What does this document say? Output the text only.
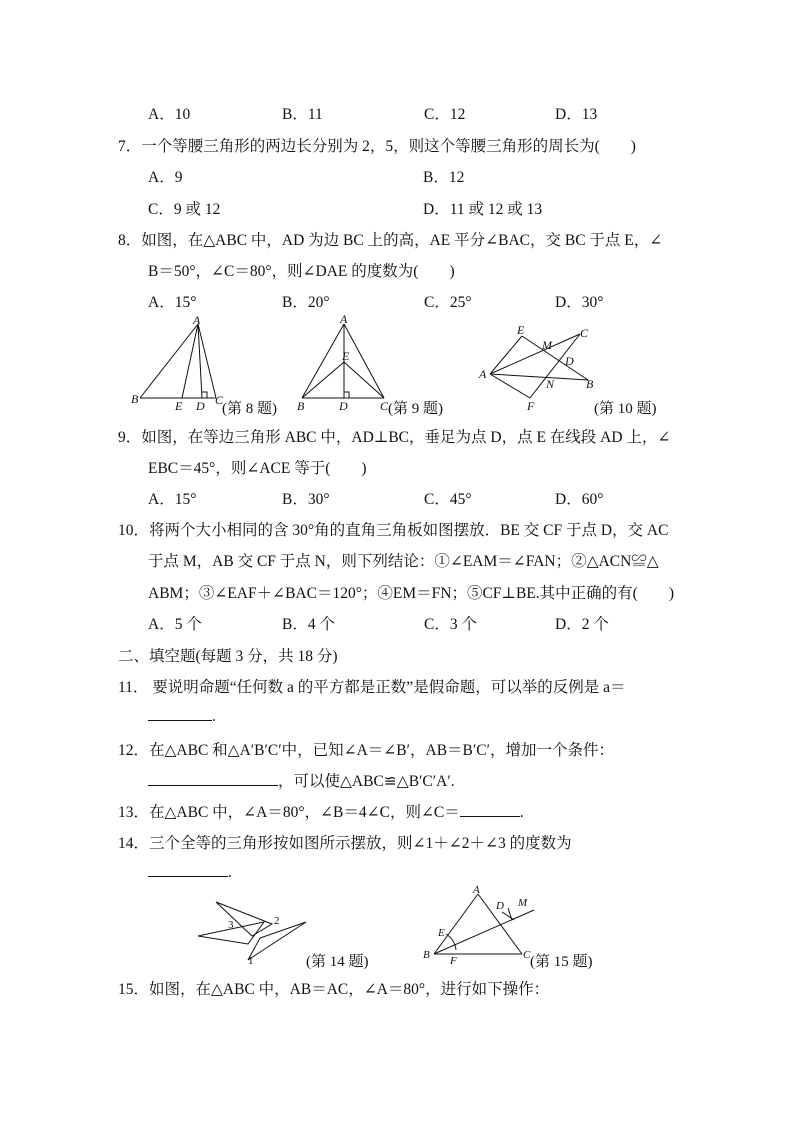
A．10	B．11	C．12	D．13
7．一个等腰三角形的两边长分别为 2，5，则这个等腰三角形的周长为(　　)
A．9	B．12
C．9 或 12	D．11 或 12 或 13
8．如图，在△ABC 中，AD 为边 BC 上的高，AE 平分∠BAC，交 BC 于点 E，∠
B＝50°，∠C＝80°，则∠DAE 的度数为(　　)
A．15°	B．20°	C．25°	D．30°
A
B	E D C
(第 8 题)
A
E
B	D	C (第 9 题)
E	C
M
D
A
N	B
F	(第 10 题)
9．如图，在等边三角形 ABC 中，AD⊥BC，垂足为点 D，点 E 在线段 AD 上，∠
EBC＝45°，则∠ACE 等于(　　)
A．15°	B．30°	C．45°	D．60°
10．将两个大小相同的含 30°角的直角三角板如图摆放．BE 交 CF 于点 D，交 AC
于点 M，AB 交 CF 于点 N，则下列结论：①∠EAM＝∠FAN；②△ACN≌△
ABM；③∠EAF＋∠BAC＝120°；④EM＝FN；⑤CF⊥BE.其中正确的有(　　)
A．5 个	B．4 个	C．3 个	D．2 个
二、填空题(每题 3 分，共 18 分)
11． 要说明命题“任何数 a 的平方都是正数”是假命题，可以举的反例是 a＝
.
12．在△ABC 和△A′B′C′中，已知∠A＝∠B′，AB＝B′C′，增加一个条件：
，可以使△ABC≌△B′C′A′.
13．在△ABC 中，∠A＝80°，∠B＝4∠C，则∠C＝	.
14．三个全等的三角形按如图所示摆放，则∠1＋∠2＋∠3 的度数为
.
3	2
1	(第 14 题)
A
D M
E
B F	C (第 15 题)
15．如图，在△ABC 中，AB＝AC，∠A＝80°，进行如下操作：
